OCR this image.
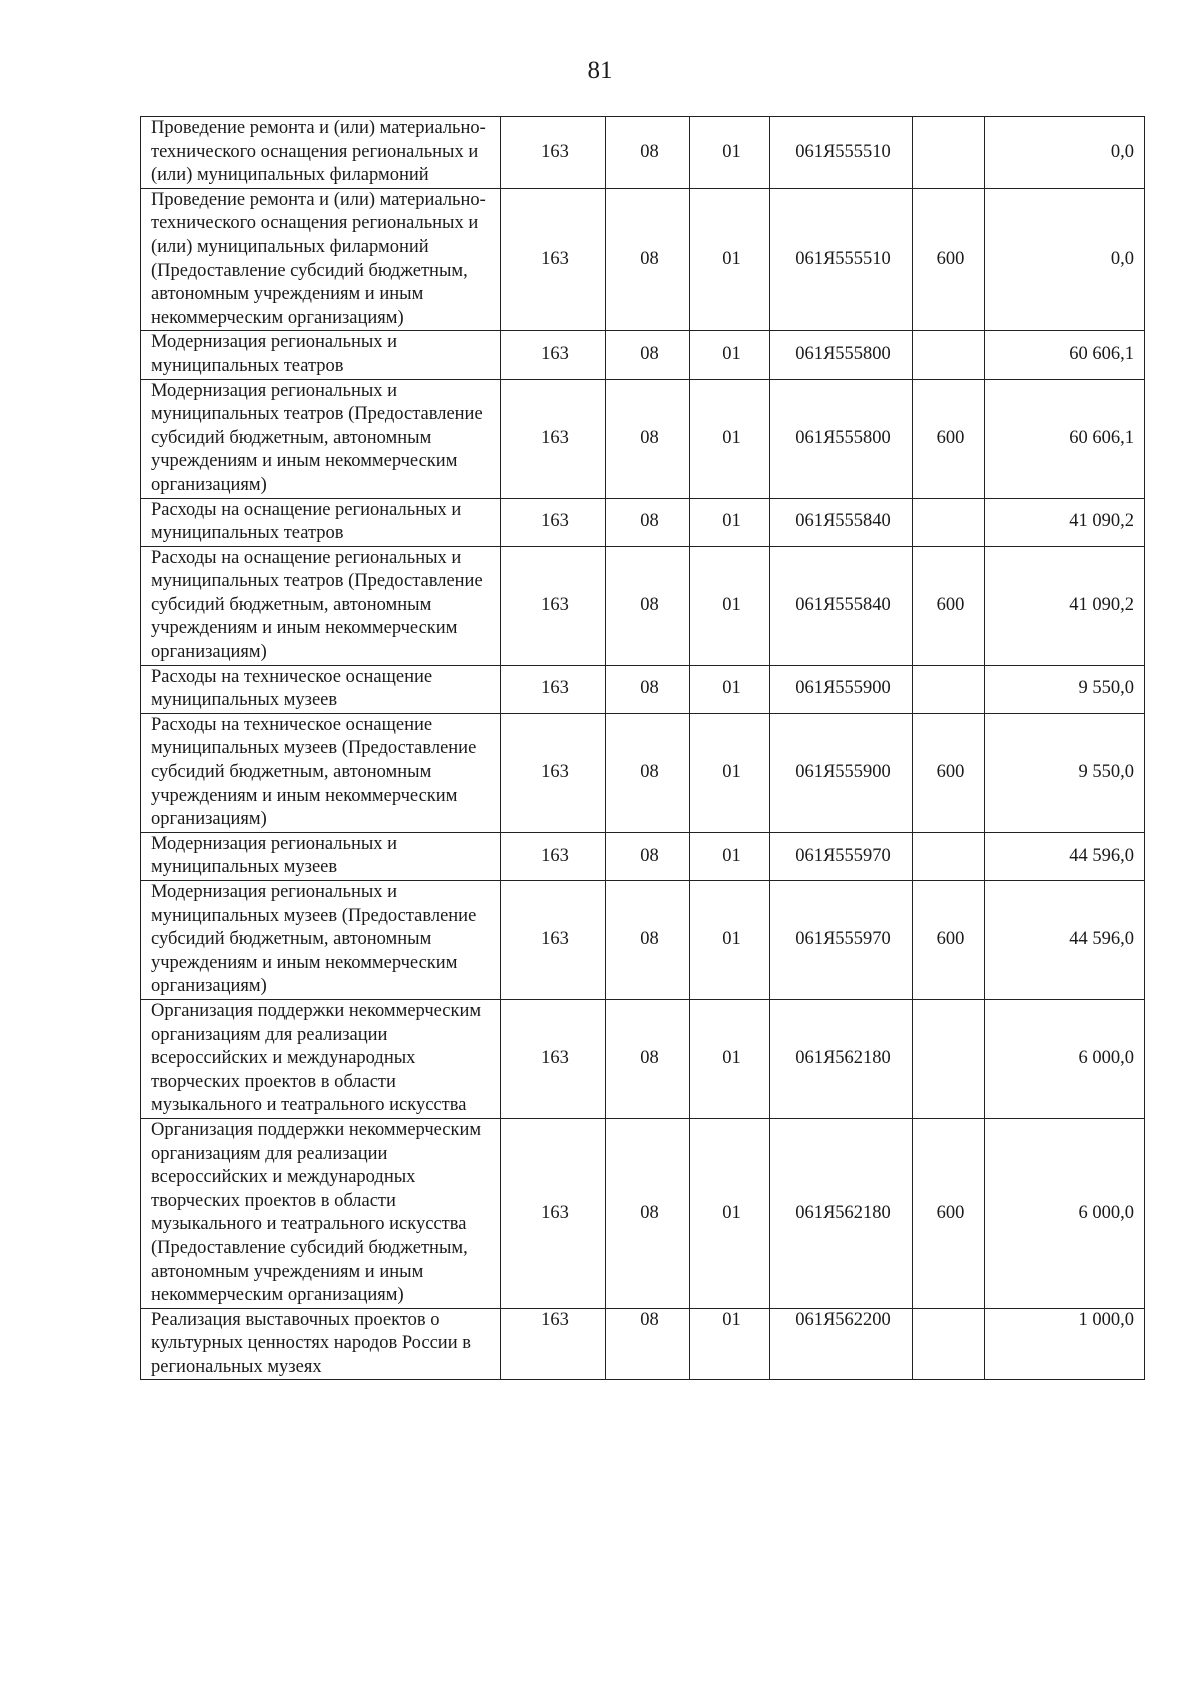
81
Проведение ремонта и (или) материально-технического оснащения региональных и (или) муниципальных филармоний	163	08	01	061Я555510		0,0
Проведение ремонта и (или) материально-технического оснащения региональных и (или) муниципальных филармоний (Предоставление субсидий бюджетным, автономным учреждениям и иным некоммерческим организациям)	163	08	01	061Я555510	600	0,0
Модернизация региональных и муниципальных театров	163	08	01	061Я555800		60 606,1
Модернизация региональных и муниципальных театров (Предоставление субсидий бюджетным, автономным учреждениям и иным некоммерческим организациям)	163	08	01	061Я555800	600	60 606,1
Расходы на оснащение региональных и муниципальных театров	163	08	01	061Я555840		41 090,2
Расходы на оснащение региональных и муниципальных театров (Предоставление субсидий бюджетным, автономным учреждениям и иным некоммерческим организациям)	163	08	01	061Я555840	600	41 090,2
Расходы на техническое оснащение муниципальных музеев	163	08	01	061Я555900		9 550,0
Расходы на техническое оснащение муниципальных музеев (Предоставление субсидий бюджетным, автономным учреждениям и иным некоммерческим организациям)	163	08	01	061Я555900	600	9 550,0
Модернизация региональных и муниципальных музеев	163	08	01	061Я555970		44 596,0
Модернизация региональных и муниципальных музеев (Предоставление субсидий бюджетным, автономным учреждениям и иным некоммерческим организациям)	163	08	01	061Я555970	600	44 596,0
Организация поддержки некоммерческим организациям для реализации всероссийских и международных творческих проектов в области музыкального и театрального искусства	163	08	01	061Я562180		6 000,0
Организация поддержки некоммерческим организациям для реализации всероссийских и международных творческих проектов в области музыкального и театрального искусства (Предоставление субсидий бюджетным, автономным учреждениям и иным некоммерческим организациям)	163	08	01	061Я562180	600	6 000,0
Реализация выставочных проектов о культурных ценностях народов России в региональных музеях	163	08	01	061Я562200		1 000,0
